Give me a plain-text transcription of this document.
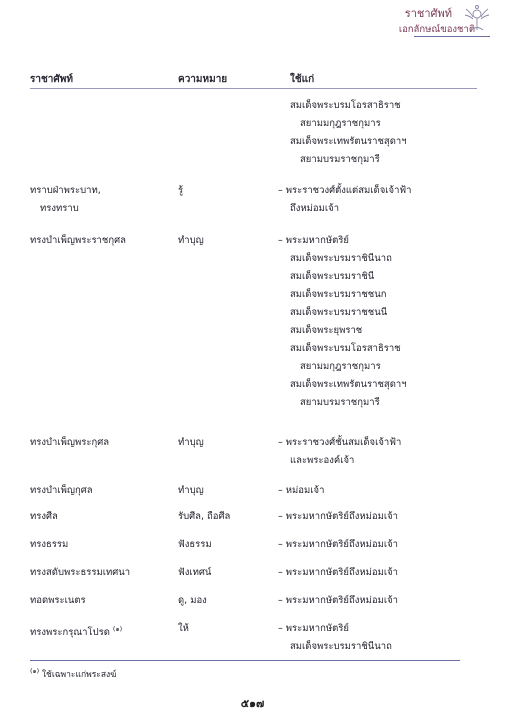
ราชาศัพท์
เอกลักษณ์ของชาติ
ราชาศัพท์	ความหมาย	ใช้แก่
สมเด็จพระบรมโอรสาธิราช
สยามมกุฎราชกุมาร
สมเด็จพระเทพรัตนราชสุดาฯ
สยามบรมราชกุมารี
ทราบฝ่าพระบาท,
ทรงทราบ
รู้	– พระราชวงศ์ตั้งแต่สมเด็จเจ้าฟ้า
ถึงหม่อมเจ้า
ทรงบำเพ็ญพระราชกุศล	ทำบุญ	– พระมหากษัตริย์
สมเด็จพระบรมราชินีนาถ
สมเด็จพระบรมราชินี
สมเด็จพระบรมราชชนก
สมเด็จพระบรมราชชนนี
สมเด็จพระยุพราช
สมเด็จพระบรมโอรสาธิราช
สยามมกุฎราชกุมาร
สมเด็จพระเทพรัตนราชสุดาฯ
สยามบรมราชกุมารี
ทรงบำเพ็ญพระกุศล	ทำบุญ	– พระราชวงศ์ชั้นสมเด็จเจ้าฟ้า
และพระองค์เจ้า
ทรงบำเพ็ญกุศล	ทำบุญ	– หม่อมเจ้า
ทรงศีล	รับศีล, ถือศีล	– พระมหากษัตริย์ถึงหม่อมเจ้า
ทรงธรรม	ฟังธรรม	– พระมหากษัตริย์ถึงหม่อมเจ้า
ทรงสดับพระธรรมเทศนา	ฟังเทศน์	– พระมหากษัตริย์ถึงหม่อมเจ้า
ทอดพระเนตร	ดู, มอง	– พระมหากษัตริย์ถึงหม่อมเจ้า
ทรงพระกรุณาโปรด $^{(๑)}$	ให้	– พระมหากษัตริย์
สมเด็จพระบรมราชินีนาถ
$^{(๑)}$ ใช้เฉพาะแก่พระสงฆ์
๕๑๗
